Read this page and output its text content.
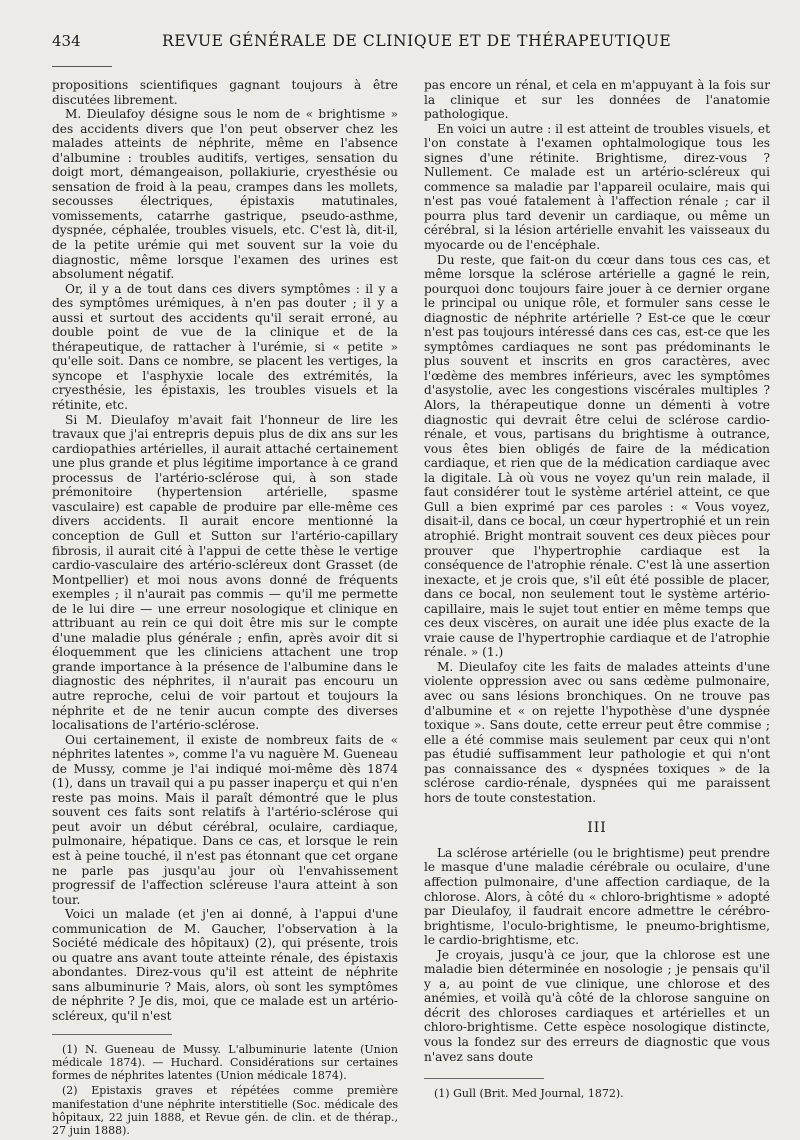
434	REVUE GÉNÉRALE DE CLINIQUE ET DE THÉRAPEUTIQUE

propositions scientifiques gagnant toujours à être discutées librement.

M. Dieulafoy désigne sous le nom de « brightisme » des accidents divers que l'on peut observer chez les malades atteints de néphrite, même en l'absence d'albumine : troubles auditifs, vertiges, sensation du doigt mort, démangeaison, pollakiurie, cryesthésie ou sensation de froid à la peau, crampes dans les mollets, secousses électriques, épistaxis matutinales, vomissements, catarrhe gastrique, pseudo-asthme, dyspnée, céphalée, troubles visuels, etc. C'est là, dit-il, de la petite urémie qui met souvent sur la voie du diagnostic, même lorsque l'examen des urines est absolument négatif.

Or, il y a de tout dans ces divers symptômes : il y a des symptômes urémiques, à n'en pas douter ; il y a aussi et surtout des accidents qu'il serait erroné, au double point de vue de la clinique et de la thérapeutique, de rattacher à l'urémie, si « petite » qu'elle soit. Dans ce nombre, se placent les vertiges, la syncope et l'asphyxie locale des extrémités, la cryesthésie, les épistaxis, les troubles visuels et la rétinite, etc.

Si M. Dieulafoy m'avait fait l'honneur de lire les travaux que j'ai entrepris depuis plus de dix ans sur les cardiopathies artérielles, il aurait attaché certainement une plus grande et plus légitime importance à ce grand processus de l'artério-sclérose qui, à son stade prémonitoire (hypertension artérielle, spasme vasculaire) est capable de produire par elle-même ces divers accidents. Il aurait encore mentionné la conception de Gull et Sutton sur l'artério-capillary fibrosis, il aurait cité à l'appui de cette thèse le vertige cardio-vasculaire des artério-scléreux dont Grasset (de Montpellier) et moi nous avons donné de fréquents exemples ; il n'aurait pas commis — qu'il me permette de le lui dire — une erreur nosologique et clinique en attribuant au rein ce qui doit être mis sur le compte d'une maladie plus générale ; enfin, après avoir dit si éloquemment que les cliniciens attachent une trop grande importance à la présence de l'albumine dans le diagnostic des néphrites, il n'aurait pas encouru un autre reproche, celui de voir partout et toujours la néphrite et de ne tenir aucun compte des diverses localisations de l'artério-sclérose.

Oui certainement, il existe de nombreux faits de « néphrites latentes », comme l'a vu naguère M. Gueneau de Mussy, comme je l'ai indiqué moi-même dès 1874 (1), dans un travail qui a pu passer inaperçu et qui n'en reste pas moins. Mais il paraît démontré que le plus souvent ces faits sont relatifs à l'artério-sclérose qui peut avoir un début cérébral, oculaire, cardiaque, pulmonaire, hépatique. Dans ce cas, et lorsque le rein est à peine touché, il n'est pas étonnant que cet organe ne parle pas jusqu'au jour où l'envahissement progressif de l'affection scléreuse l'aura atteint à son tour.

Voici un malade (et j'en ai donné, à l'appui d'une communication de M. Gaucher, l'observation à la Société médicale des hôpitaux) (2), qui présente, trois ou quatre ans avant toute atteinte rénale, des épistaxis abondantes. Direz-vous qu'il est atteint de néphrite sans albuminurie ? Mais, alors, où sont les symptômes de néphrite ? Je dis, moi, que ce malade est un artério-scléreux, qu'il n'est

(1) N. Gueneau de Mussy. L'albuminurie latente (Union médicale 1874). — Huchard. Considérations sur certaines formes de néphrites latentes (Union médicale 1874).

(2) Epistaxis graves et répétées comme première manifestation d'une néphrite interstitielle (Soc. médicale des hôpitaux, 22 juin 1888, et Revue gén. de clin. et de thérap., 27 juin 1888).

pas encore un rénal, et cela en m'appuyant à la fois sur la clinique et sur les données de l'anatomie pathologique.

En voici un autre : il est atteint de troubles visuels, et l'on constate à l'examen ophtalmologique tous les signes d'une rétinite. Brightisme, direz-vous ? Nullement. Ce malade est un artério-scléreux qui commence sa maladie par l'appareil oculaire, mais qui n'est pas voué fatalement à l'affection rénale ; car il pourra plus tard devenir un cardiaque, ou même un cérébral, si la lésion artérielle envahit les vaisseaux du myocarde ou de l'encéphale.

Du reste, que fait-on du cœur dans tous ces cas, et même lorsque la sclérose artérielle a gagné le rein, pourquoi donc toujours faire jouer à ce dernier organe le principal ou unique rôle, et formuler sans cesse le diagnostic de néphrite artérielle ? Est-ce que le cœur n'est pas toujours intéressé dans ces cas, est-ce que les symptômes cardiaques ne sont pas prédominants le plus souvent et inscrits en gros caractères, avec l'œdème des membres inférieurs, avec les symptômes d'asystolie, avec les congestions viscérales multiples ? Alors, la thérapeutique donne un démenti à votre diagnostic qui devrait être celui de sclérose cardio-rénale, et vous, partisans du brightisme à outrance, vous êtes bien obligés de faire de la médication cardiaque, et rien que de la médication cardiaque avec la digitale. Là où vous ne voyez qu'un rein malade, il faut considérer tout le système artériel atteint, ce que Gull a bien exprimé par ces paroles : « Vous voyez, disait-il, dans ce bocal, un cœur hypertrophié et un rein atrophié. Bright montrait souvent ces deux pièces pour prouver que l'hypertrophie cardiaque est la conséquence de l'atrophie rénale. C'est là une assertion inexacte, et je crois que, s'il eût été possible de placer, dans ce bocal, non seulement tout le système artério-capillaire, mais le sujet tout entier en même temps que ces deux viscères, on aurait une idée plus exacte de la vraie cause de l'hypertrophie cardiaque et de l'atrophie rénale. » (1.)

M. Dieulafoy cite les faits de malades atteints d'une violente oppression avec ou sans œdème pulmonaire, avec ou sans lésions bronchiques. On ne trouve pas d'albumine et « on rejette l'hypothèse d'une dyspnée toxique ». Sans doute, cette erreur peut être commise ; elle a été commise mais seulement par ceux qui n'ont pas étudié suffisamment leur pathologie et qui n'ont pas connaissance des « dyspnées toxiques » de la sclérose cardio-rénale, dyspnées qui me paraissent hors de toute constestation.

III

La sclérose artérielle (ou le brightisme) peut prendre le masque d'une maladie cérébrale ou oculaire, d'une affection pulmonaire, d'une affection cardiaque, de la chlorose. Alors, à côté du « chloro-brightisme » adopté par Dieulafoy, il faudrait encore admettre le cérébro-brightisme, l'oculo-brightisme, le pneumo-brightisme, le cardio-brightisme, etc.

Je croyais, jusqu'à ce jour, que la chlorose est une maladie bien déterminée en nosologie ; je pensais qu'il y a, au point de vue clinique, une chlorose et des anémies, et voilà qu'à côté de la chlorose sanguine on décrit des chloroses cardiaques et artérielles et un chloro-brightisme. Cette espèce nosologique distincte, vous la fondez sur des erreurs de diagnostic que vous n'avez sans doute

(1) Gull (Brit. Med Journal, 1872).
